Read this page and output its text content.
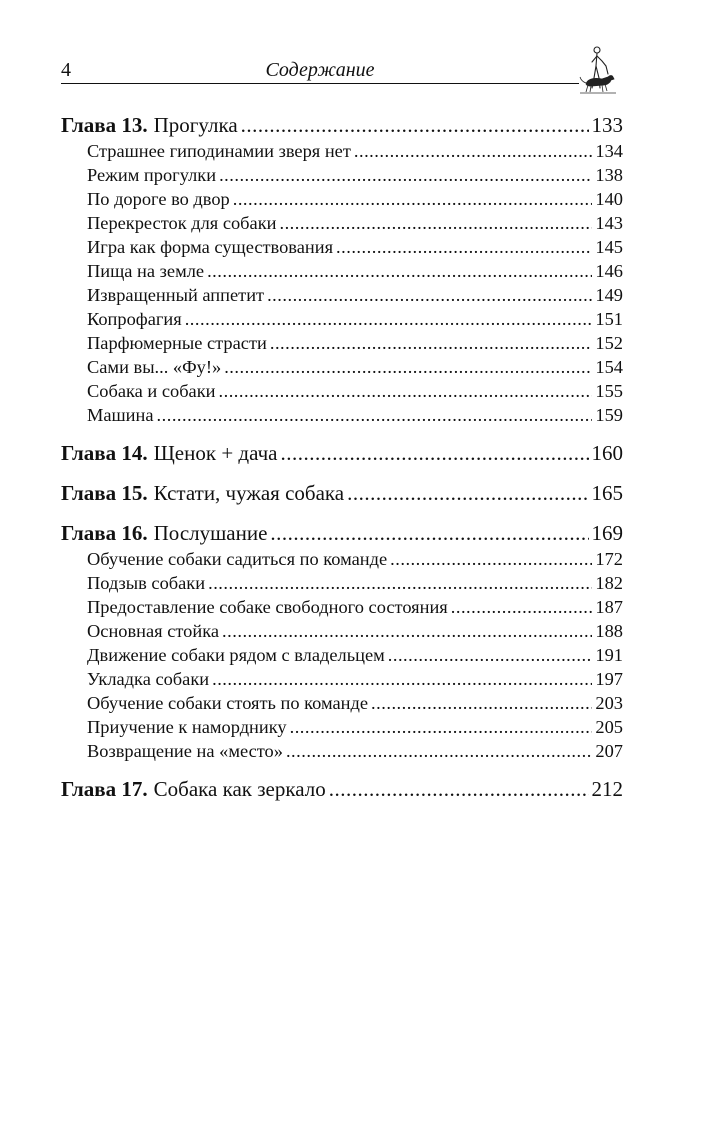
4	Содержание
Глава 13. Прогулка .....	133
Страшнее гиподинамии зверя нет .....	134
Режим прогулки .....	138
По дороге во двор .....	140
Перекресток для собаки .....	143
Игра как форма существования .....	145
Пища на земле .....	146
Извращенный аппетит .....	149
Копрофагия .....	151
Парфюмерные страсти .....	152
Сами вы... «Фу!» .....	154
Собака и собаки .....	155
Машина .....	159
Глава 14. Щенок + дача .....	160
Глава 15. Кстати, чужая собака .....	165
Глава 16. Послушание .....	169
Обучение собаки садиться по команде .....	172
Подзыв собаки .....	182
Предоставление собаке свободного состояния .....	187
Основная стойка .....	188
Движение собаки рядом с владельцем .....	191
Укладка собаки .....	197
Обучение собаки стоять по команде .....	203
Приучение к наморднику .....	205
Возвращение на «место» .....	207
Глава 17. Собака как зеркало .....	212
